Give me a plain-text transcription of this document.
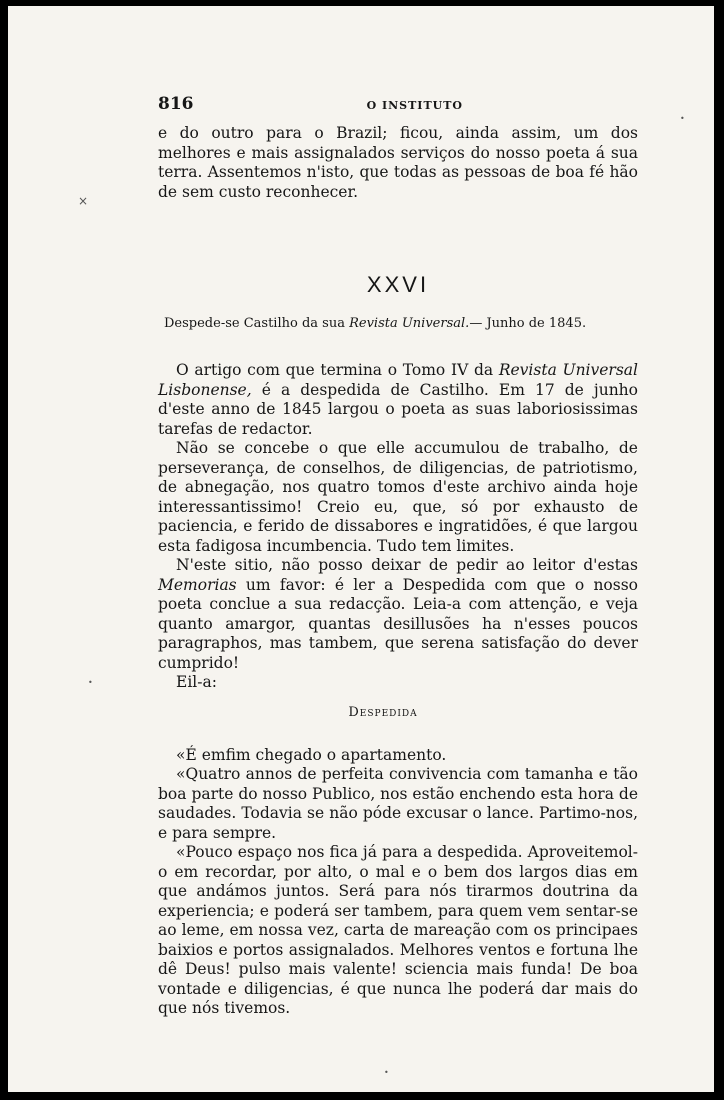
×
•
•
•
816	O INSTITUTO

e do outro para o Brazil; ficou, ainda assim, um dos melhores e mais assignalados serviços do nosso poeta á sua terra. Assentemos n'isto, que todas as pessoas de boa fé hão de sem custo reconhecer.

XXVI
Despede-se Castilho da sua Revista Universal.— Junho de 1845.

O artigo com que termina o Tomo IV da Revista Universal Lisbonense, é a despedida de Castilho. Em 17 de junho d'este anno de 1845 largou o poeta as suas laboriosissimas tarefas de redactor.

Não se concebe o que elle accumulou de trabalho, de perseverança, de conselhos, de diligencias, de patriotismo, de abnegação, nos quatro tomos d'este archivo ainda hoje interessantissimo! Creio eu, que, só por exhausto de paciencia, e ferido de dissabores e ingratidões, é que largou esta fadigosa incumbencia. Tudo tem limites.

N'este sitio, não posso deixar de pedir ao leitor d'estas Memorias um favor: é ler a Despedida com que o nosso poeta conclue a sua redacção. Leia-a com attenção, e veja quanto amargor, quantas desillusões ha n'esses poucos paragraphos, mas tambem, que serena satisfação do dever cumprido!

Eil-a:

Despedida

«É emfim chegado o apartamento.

«Quatro annos de perfeita convivencia com tamanha e tão boa parte do nosso Publico, nos estão enchendo esta hora de saudades. Todavia se não póde excusar o lance. Partimo-nos, e para sempre.

«Pouco espaço nos fica já para a despedida. Aproveitemol-o em recordar, por alto, o mal e o bem dos largos dias em que andámos juntos. Será para nós tirarmos doutrina da experiencia; e poderá ser tambem, para quem vem sentar-se ao leme, em nossa vez, carta de mareação com os principaes baixios e portos assignalados. Melhores ventos e fortuna lhe dê Deus! pulso mais valente! sciencia mais funda! De boa vontade e diligencias, é que nunca lhe poderá dar mais do que nós tivemos.
